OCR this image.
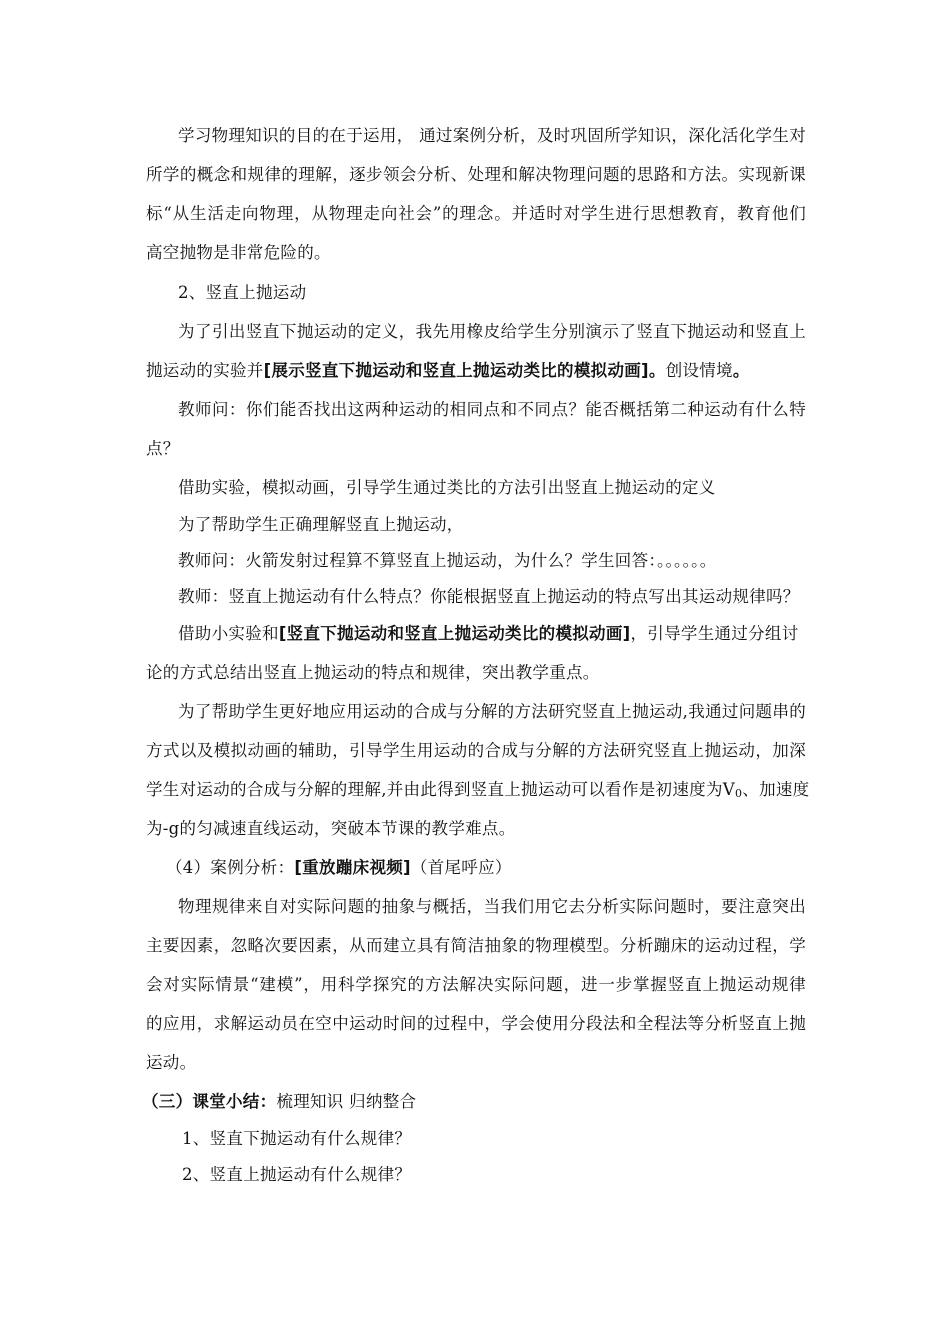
学习物理知识的目的在于运用， 通过案例分析，及时巩固所学知识，深化活化学生对
所学的概念和规律的理解，逐步领会分析、处理和解决物理问题的思路和方法。实现新课
标“从生活走向物理，从物理走向社会”的理念。并适时对学生进行思想教育，教育他们
高空抛物是非常危险的。
2、竖直上抛运动
为了引出竖直下抛运动的定义，我先用橡皮给学生分别演示了竖直下抛运动和竖直上
抛运动的实验并[展示竖直下抛运动和竖直上抛运动类比的模拟动画]。创设情境。
教师问：你们能否找出这两种运动的相同点和不同点？能否概括第二种运动有什么特
点？
借助实验，模拟动画，引导学生通过类比的方法引出竖直上抛运动的定义
为了帮助学生正确理解竖直上抛运动，
教师问：火箭发射过程算不算竖直上抛运动，为什么？学生回答：。。。。。。
教师：竖直上抛运动有什么特点？你能根据竖直上抛运动的特点写出其运动规律吗？
借助小实验和[竖直下抛运动和竖直上抛运动类比的模拟动画]，引导学生通过分组讨
论的方式总结出竖直上抛运动的特点和规律，突出教学重点。
为了帮助学生更好地应用运动的合成与分解的方法研究竖直上抛运动,我通过问题串的
方式以及模拟动画的辅助，引导学生用运动的合成与分解的方法研究竖直上抛运动，加深
学生对运动的合成与分解的理解,并由此得到竖直上抛运动可以看作是初速度为$V_0$、加速度
为-g的匀减速直线运动，突破本节课的教学难点。
（4）案例分析：[重放蹦床视频]（首尾呼应）
物理规律来自对实际问题的抽象与概括，当我们用它去分析实际问题时，要注意突出
主要因素，忽略次要因素，从而建立具有简洁抽象的物理模型。分析蹦床的运动过程，学
会对实际情景“建模”，用科学探究的方法解决实际问题，进一步掌握竖直上抛运动规律
的应用，求解运动员在空中运动时间的过程中，学会使用分段法和全程法等分析竖直上抛
运动。
（三）课堂小结：梳理知识 归纳整合
1、竖直下抛运动有什么规律？
2、竖直上抛运动有什么规律？
